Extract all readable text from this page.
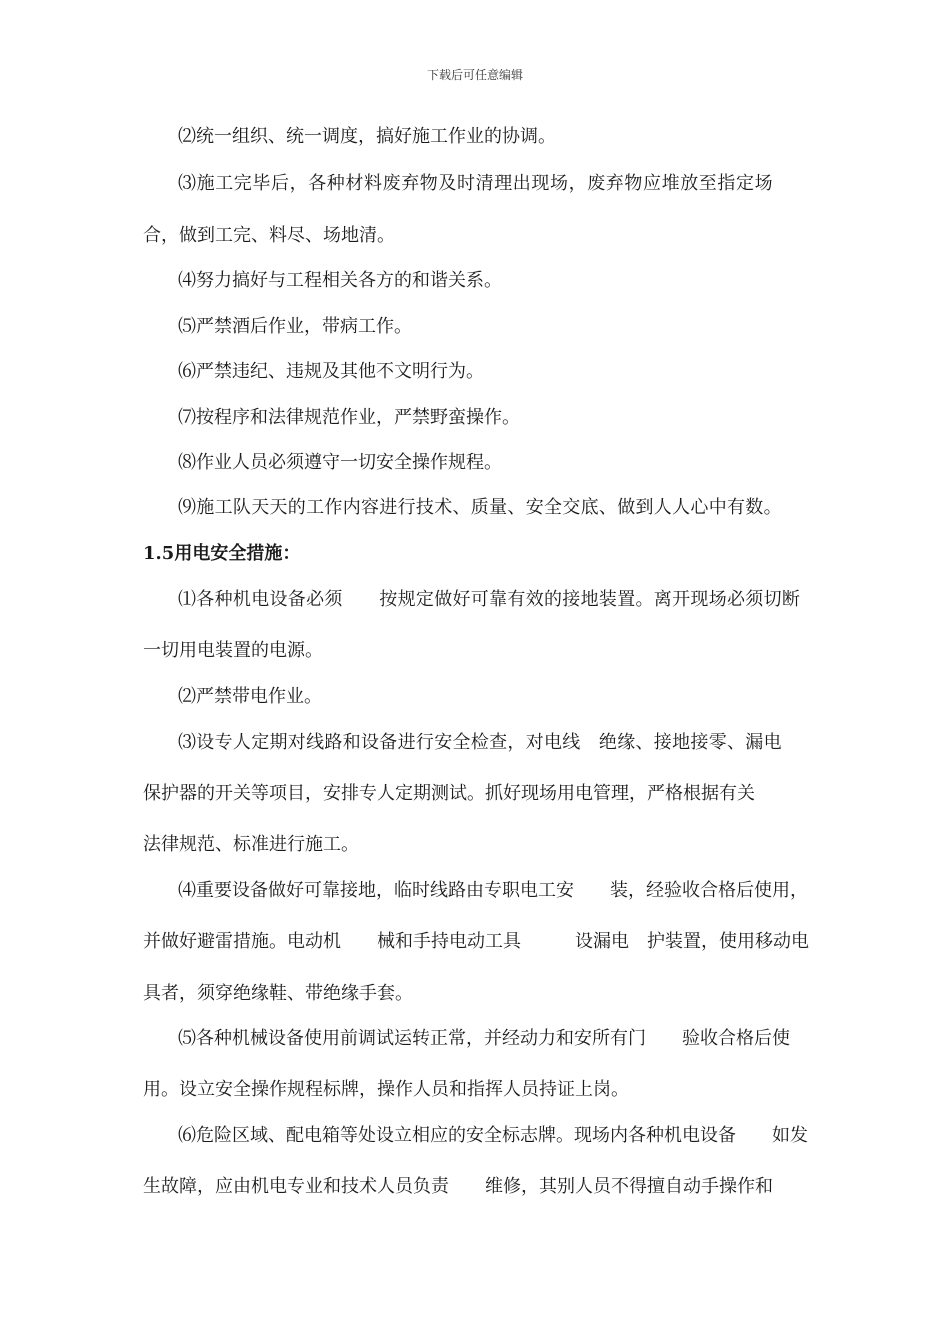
下载后可任意编辑
⑵统一组织、统一调度，搞好施工作业的协调。
⑶施工完毕后，各种材料废弃物及时清理出现场，废弃物应堆放至指定场
合，做到工完、料尽、场地清。
⑷努力搞好与工程相关各方的和谐关系。
⑸严禁酒后作业，带病工作。
⑹严禁违纪、违规及其他不文明行为。
⑺按程序和法律规范作业，严禁野蛮操作。
⑻作业人员必须遵守一切安全操作规程。
⑼施工队天天的工作内容进行技术、质量、安全交底、做到人人心中有数。
1.5用电安全措施：
⑴各种机电设备必须　　按规定做好可靠有效的接地装置。离开现场必须切断
一切用电装置的电源。
⑵严禁带电作业。
⑶设专人定期对线路和设备进行安全检查，对电线　绝缘、接地接零、漏电
保护器的开关等项目，安排专人定期测试。抓好现场用电管理，严格根据有关
法律规范、标准进行施工。
⑷重要设备做好可靠接地，临时线路由专职电工安　　装，经验收合格后使用，
并做好避雷措施。电动机　　械和手持电动工具　　　设漏电　护装置，使用移动电
具者，须穿绝缘鞋、带绝缘手套。
⑸各种机械设备使用前调试运转正常，并经动力和安所有门　　验收合格后使
用。设立安全操作规程标牌，操作人员和指挥人员持证上岗。
⑹危险区域、配电箱等处设立相应的安全标志牌。现场内各种机电设备　　如发
生故障，应由机电专业和技术人员负责　　维修，其别人员不得擅自动手操作和
